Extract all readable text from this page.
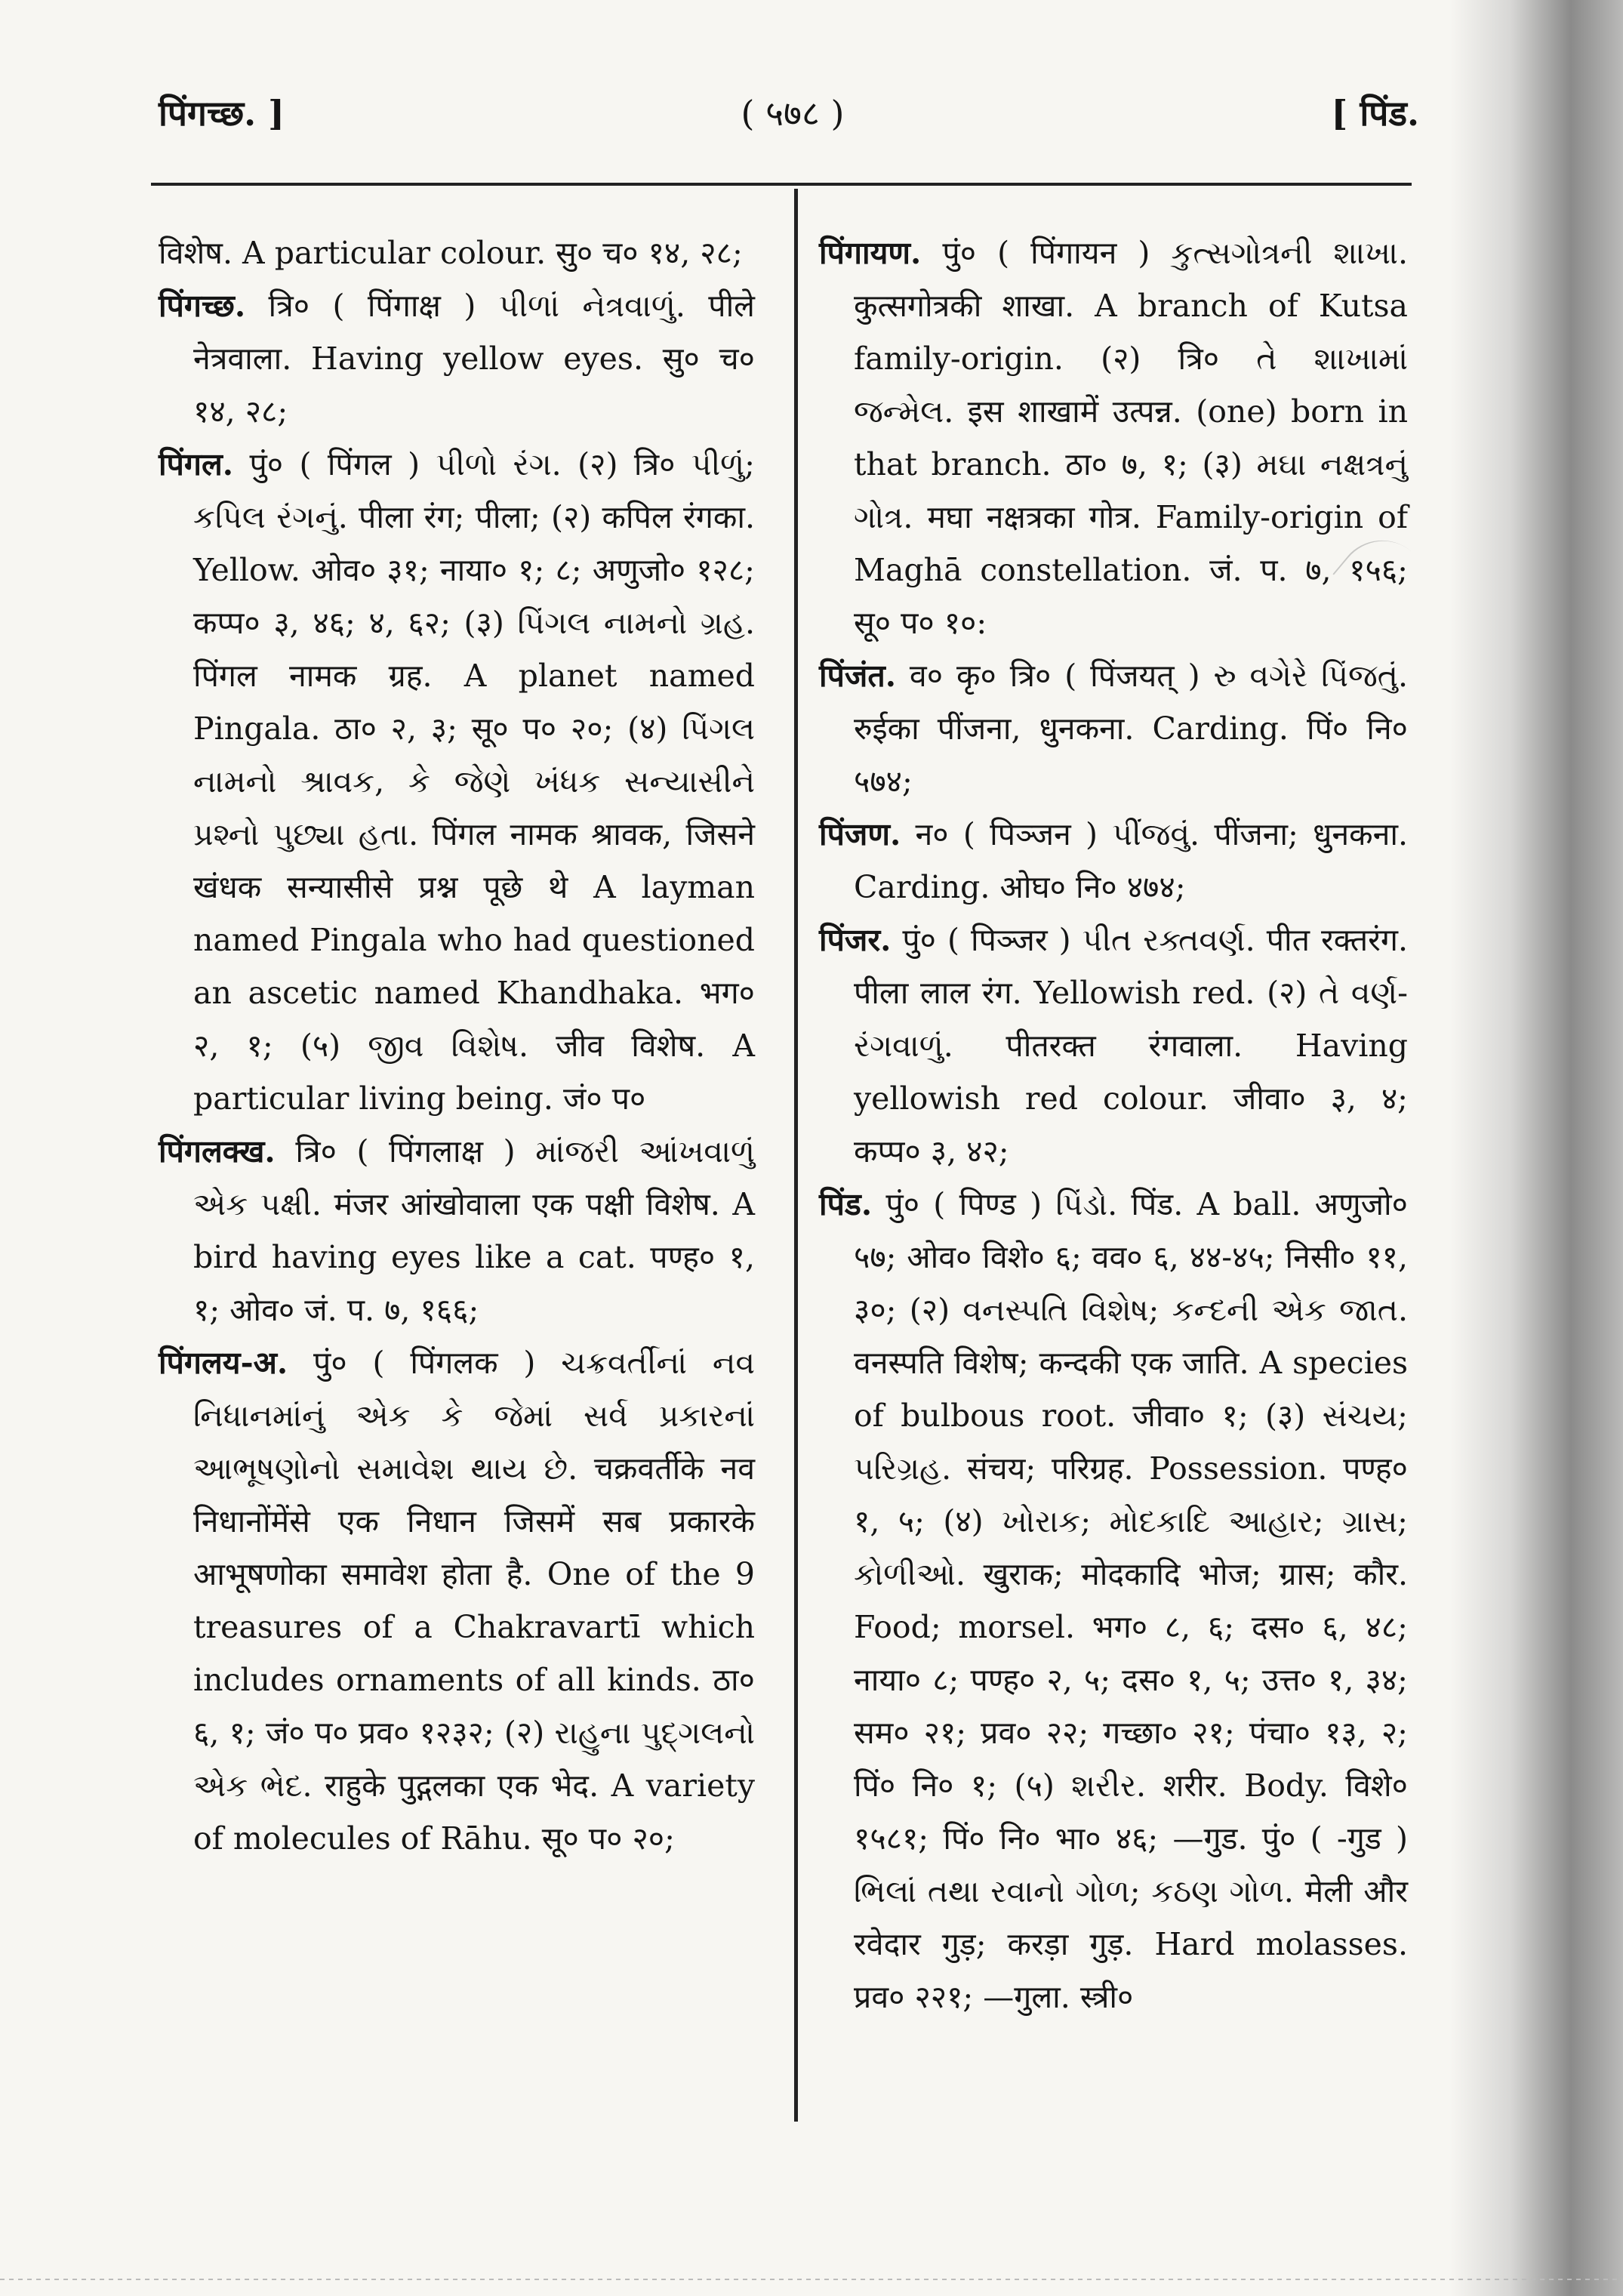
पिंगच्छ. ]	( ५७८ )	[ पिंड.

विशेष. A particular colour. सु० च० १४, २८;

पिंगच्छ. त्रि० ( पिंगाक्ष ) પીળાં નેત્રવાળું. पीले नेत्रवाला. Having yellow eyes. सु० च० १४, २८;

पिंगल. पुं० ( पिंगल ) પીળો રંગ. (२) त्रि० પીળું; કપિલ રંગનું. पीला रंग; पीला; (२) कपिल रंगका. Yellow. ओव० ३१; नाया० १; ८; अणुजो० १२८; कप्प० ३, ४६; ४, ६२; (३) પિંગલ નામનો ગ્રહ. पिंगल नामक ग्रह. A planet named Pingala. ठा० २, ३; सू० प० २०; (४) પિંગલ નામનો શ્રાવક, કે જેણે ખંધક સન્યાસીને પ્રશ્નો પુછ્યા હતા. पिंगल नामक श्रावक, जिसने खंधक सन्यासीसे प्रश्न पूछे थे A layman named Pingala who had questioned an ascetic named Khandhaka. भग० २, १; (५) જીવ વિશેષ. जीव विशेष. A particular living being. जं० प०

पिंगलक्ख. त्रि० ( पिंगलाक्ष ) માંજરી આંખવાળું એક પક્ષી. मंजर आंखोवाला एक पक्षी विशेष. A bird having eyes like a cat. पण्ह० १, १; ओव० जं. प. ७, १६६;

पिंगलय-अ. पुं० ( पिंगलक ) ચક્રવર્તીનાં નવ નિધાનમાંનું એક કે જેમાં સર્વ પ્રકારનાં આભૂષણોનો સમાવેશ થાય છે. चक्रवर्तीके नव निधानोंमेंसे एक निधान जिसमें सब प्रकारके आभूषणोका समावेश होता है. One of the 9 treasures of a Chakravartī which includes ornaments of all kinds. ठा० ६, १; जं० प० प्रव० १२३२; (२) રાહુના પુદ્ગલનો એક ભેદ. राहुके पुद्गलका एक भेद. A variety of molecules of Rāhu. सू० प० २०;

पिंगायण. पुं० ( पिंगायन ) કુત્સગોત્રની શાખા. कुत्सगोत्रकी शाखा. A branch of Kutsa family-origin. (२) त्रि० તે શાખામાં જન્મેલ. इस शाखामें उत्पन्न. (one) born in that branch. ठा० ७, १; (३) મઘા નક્ષત્રનું ગોત્ર. मघा नक्षत्रका गोत्र. Family-origin of Maghā constellation. जं. प. ७, १५६; सू० प० १०:

पिंजंत. व० कृ० त्रि० ( पिंजयत् ) રુ વગેરે પિંજતું. रुईका पींजना, धुनकना. Carding. पिं० नि० ५७४;

पिंजण. न० ( पिञ्जन ) પીંજવું. पींजना; धुनकना. Carding. ओघ० नि० ४७४;

पिंजर. पुं० ( पिञ्जर ) પીત રક્તવર્ણ. पीत रक्तरंग. पीला लाल रंग. Yellowish red. (२) તે વર્ણ-રંગવાળું. पीतरक्त रंगवाला. Having yellowish red colour. जीवा० ३, ४; कप्प० ३, ४२;

पिंड. पुं० ( पिण्ड ) પિંડો. पिंड. A ball. अणुजो० ५७; ओव० विशे० ६; वव० ६, ४४-४५; निसी० ११, ३०; (२) વનસ્પતિ વિશેષ; કન્દની એક જાત. वनस्पति विशेष; कन्दकी एक जाति. A species of bulbous root. जीवा० १; (३) સંચય; પરિગ્રહ. संचय; परिग्रह. Possession. पण्ह० १, ५; (४) ખોરાક; મોદકાદિ આહાર; ગ્રાસ; કોળીઓ. खुराक; मोदकादि भोज; ग्रास; कौर. Food; morsel. भग० ८, ६; दस० ६, ४८; नाया० ८; पण्ह० २, ५; दस० १, ५; उत्त० १, ३४; सम० २१; प्रव० २२; गच्छा० २१; पंचा० १३, २; पिं० नि० १; (५) શરીર. शरीर. Body. विशे० १५८१; पिं० नि० भा० ४६; —गुड. पुं० ( -गुड ) ભિલાં તથા રવાનો ગોળ; કઠણ ગોળ. मेली और रवेदार गुड़; करड़ा गुड़. Hard molasses. प्रव० २२१; —गुला. स्त्री०
